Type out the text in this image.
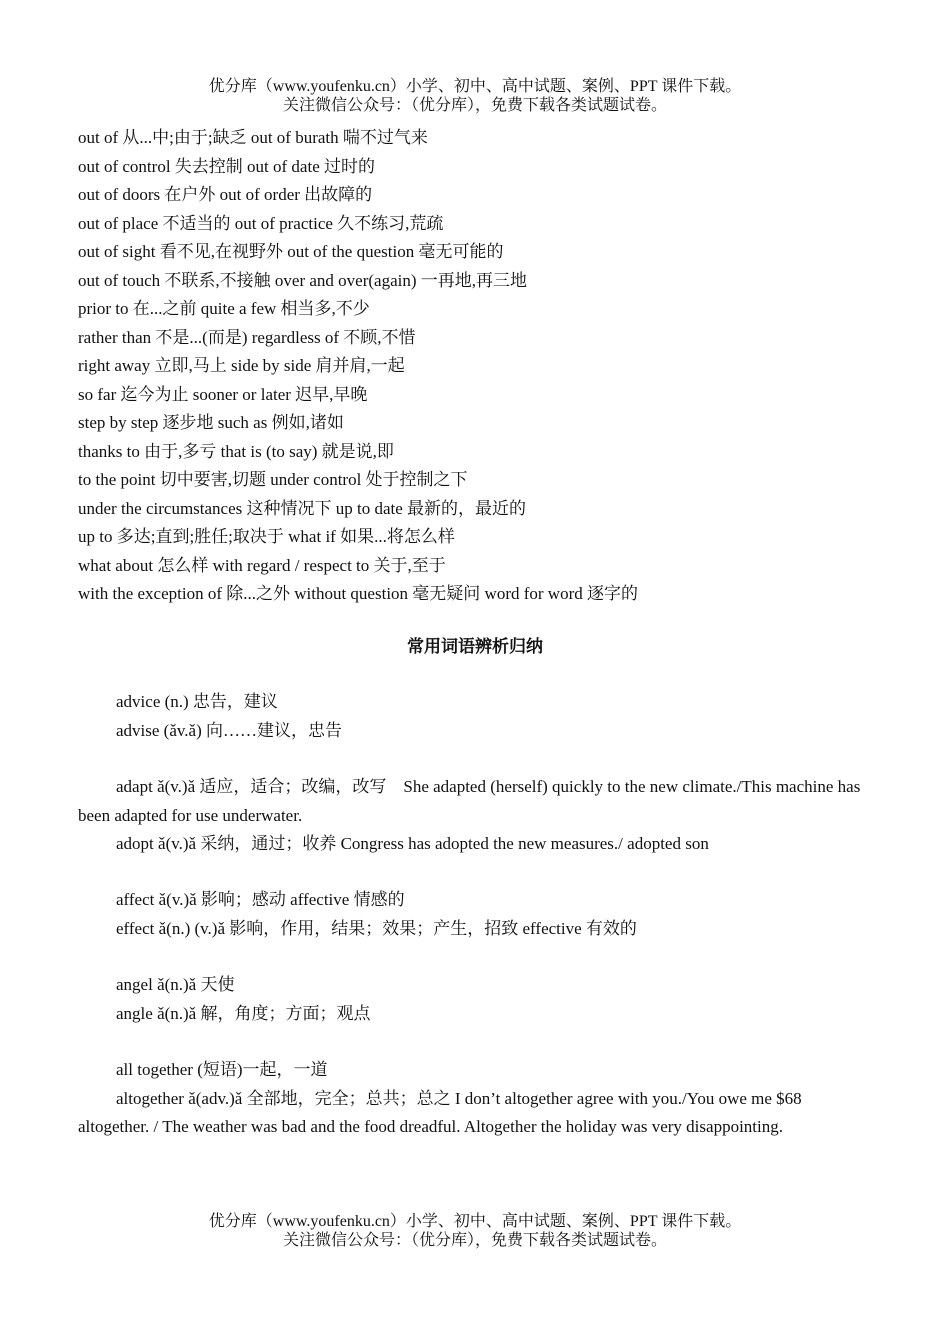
优分库（www.youfenku.cn）小学、初中、高中试题、案例、PPT 课件下载。
关注微信公众号：（优分库），免费下载各类试题试卷。
out of 从...中;由于;缺乏 out of burath 喘不过气来
out of control 失去控制 out of date 过时的
out of doors 在户外 out of order 出故障的
out of place 不适当的 out of practice 久不练习,荒疏
out of sight 看不见,在视野外 out of the question 毫无可能的
out of touch 不联系,不接触 over and over(again) 一再地,再三地
prior to 在...之前 quite a few 相当多,不少
rather than 不是...(而是) regardless of 不顾,不惜
right away 立即,马上 side by side 肩并肩,一起
so far 迄今为止 sooner or later 迟早,早晚
step by step 逐步地 such as 例如,诸如
thanks to 由于,多亏 that is (to say) 就是说,即
to the point 切中要害,切题 under control 处于控制之下
under the circumstances 这种情况下 up to date 最新的，最近的
up to 多达;直到;胜任;取决于 what if 如果...将怎么样
what about 怎么样 with regard / respect to 关于,至于
with the exception of 除...之外 without question 毫无疑问 word for word 逐字的
常用词语辨析归纳

advice (n.) 忠告，建议

advise (ǎv.ǎ) 向……建议，忠告

adapt ǎ(v.)ǎ 适应，适合；改编，改写　She adapted (herself) quickly to the new climate./This machine has been adapted for use underwater.

adopt ǎ(v.)ǎ 采纳，通过；收养 Congress has adopted the new measures./ adopted son

affect ǎ(v.)ǎ 影响；感动 affective 情感的

effect ǎ(n.) (v.)ǎ 影响，作用，结果；效果；产生，招致 effective 有效的

angel ǎ(n.)ǎ 天使

angle ǎ(n.)ǎ 解，角度；方面；观点

all together (短语)一起，一道

altogether ǎ(adv.)ǎ 全部地，完全；总共；总之 I don’t altogether agree with you./You owe me $68 altogether. / The weather was bad and the food dreadful. Altogether the holiday was very disappointing.

优分库（www.youfenku.cn）小学、初中、高中试题、案例、PPT 课件下载。
关注微信公众号：（优分库），免费下载各类试题试卷。
